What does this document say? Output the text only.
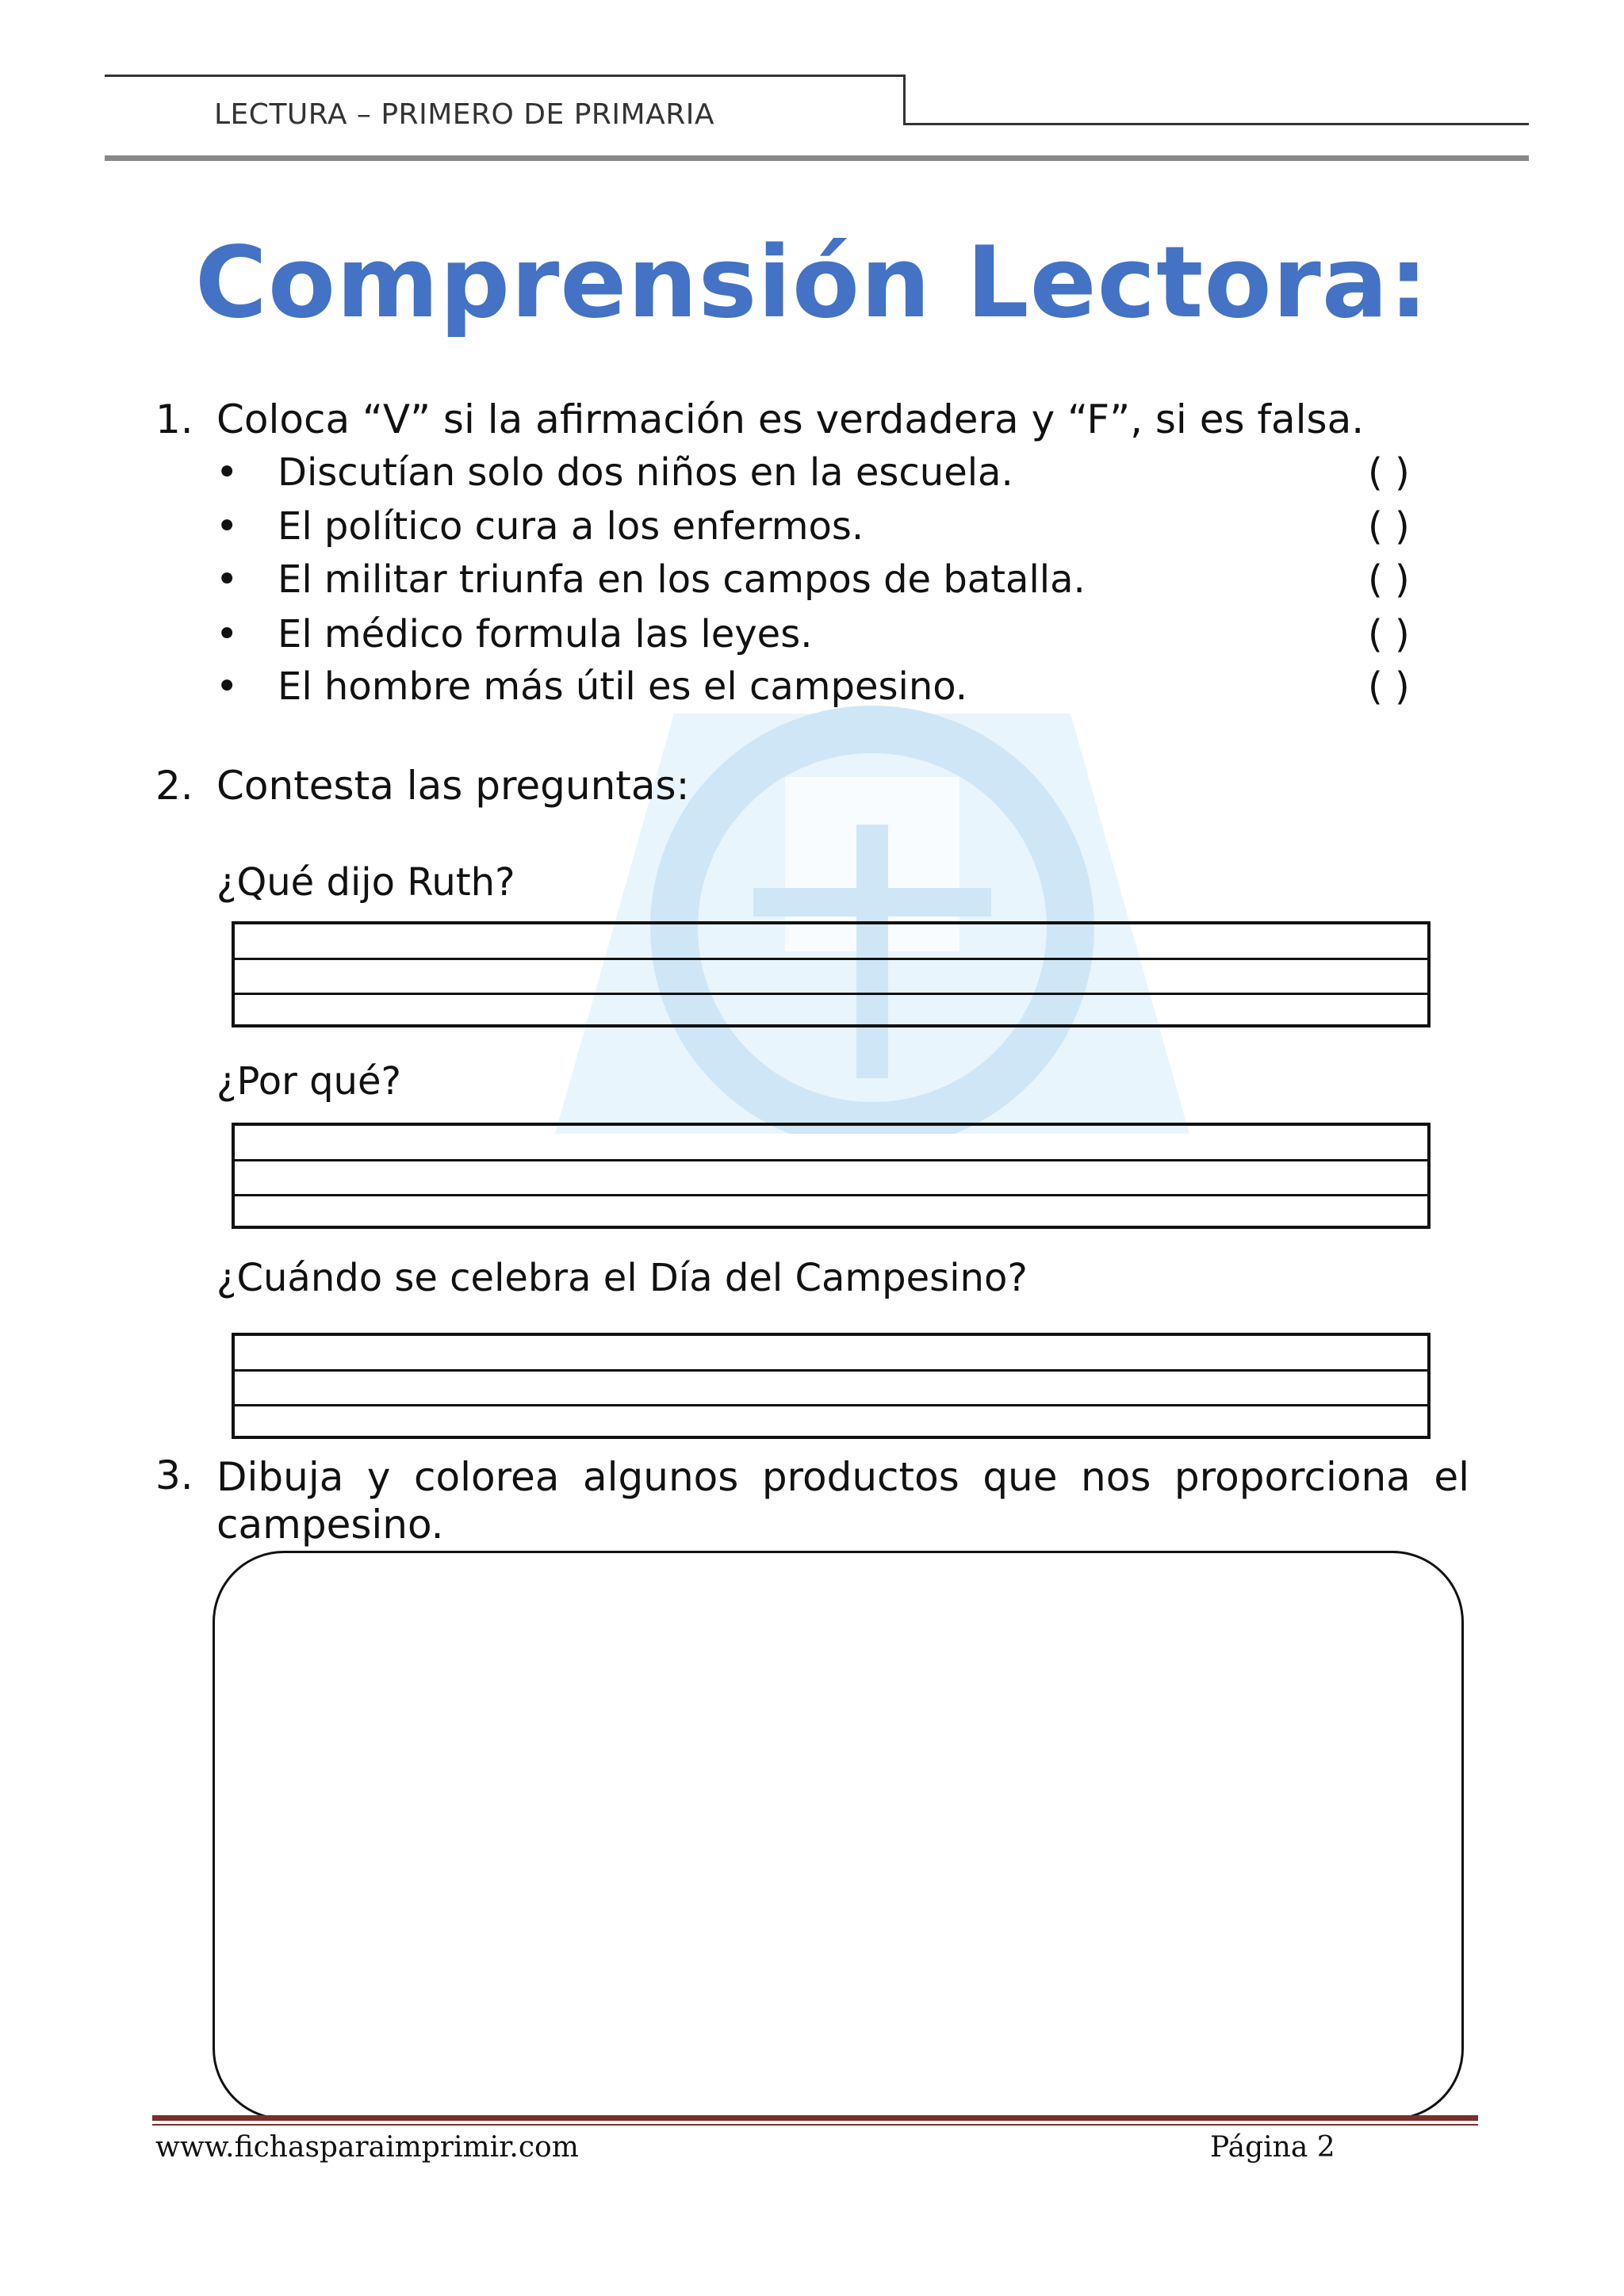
LECTURA – PRIMERO DE PRIMARIA
Comprensión Lectora:
1. Coloca “V” si la afirmación es verdadera y “F”, si es falsa.
• Discutían solo dos niños en la escuela.	( )
• El político cura a los enfermos.	( )
• El militar triunfa en los campos de batalla.	( )
• El médico formula las leyes.	( )
• El hombre más útil es el campesino.	( )
2. Contesta las preguntas:
¿Qué dijo Ruth?
¿Por qué?
¿Cuándo se celebra el Día del Campesino?
3. Dibuja y colorea algunos productos que nos proporciona el
campesino.
www.fichasparaimprimir.com	Página 2
